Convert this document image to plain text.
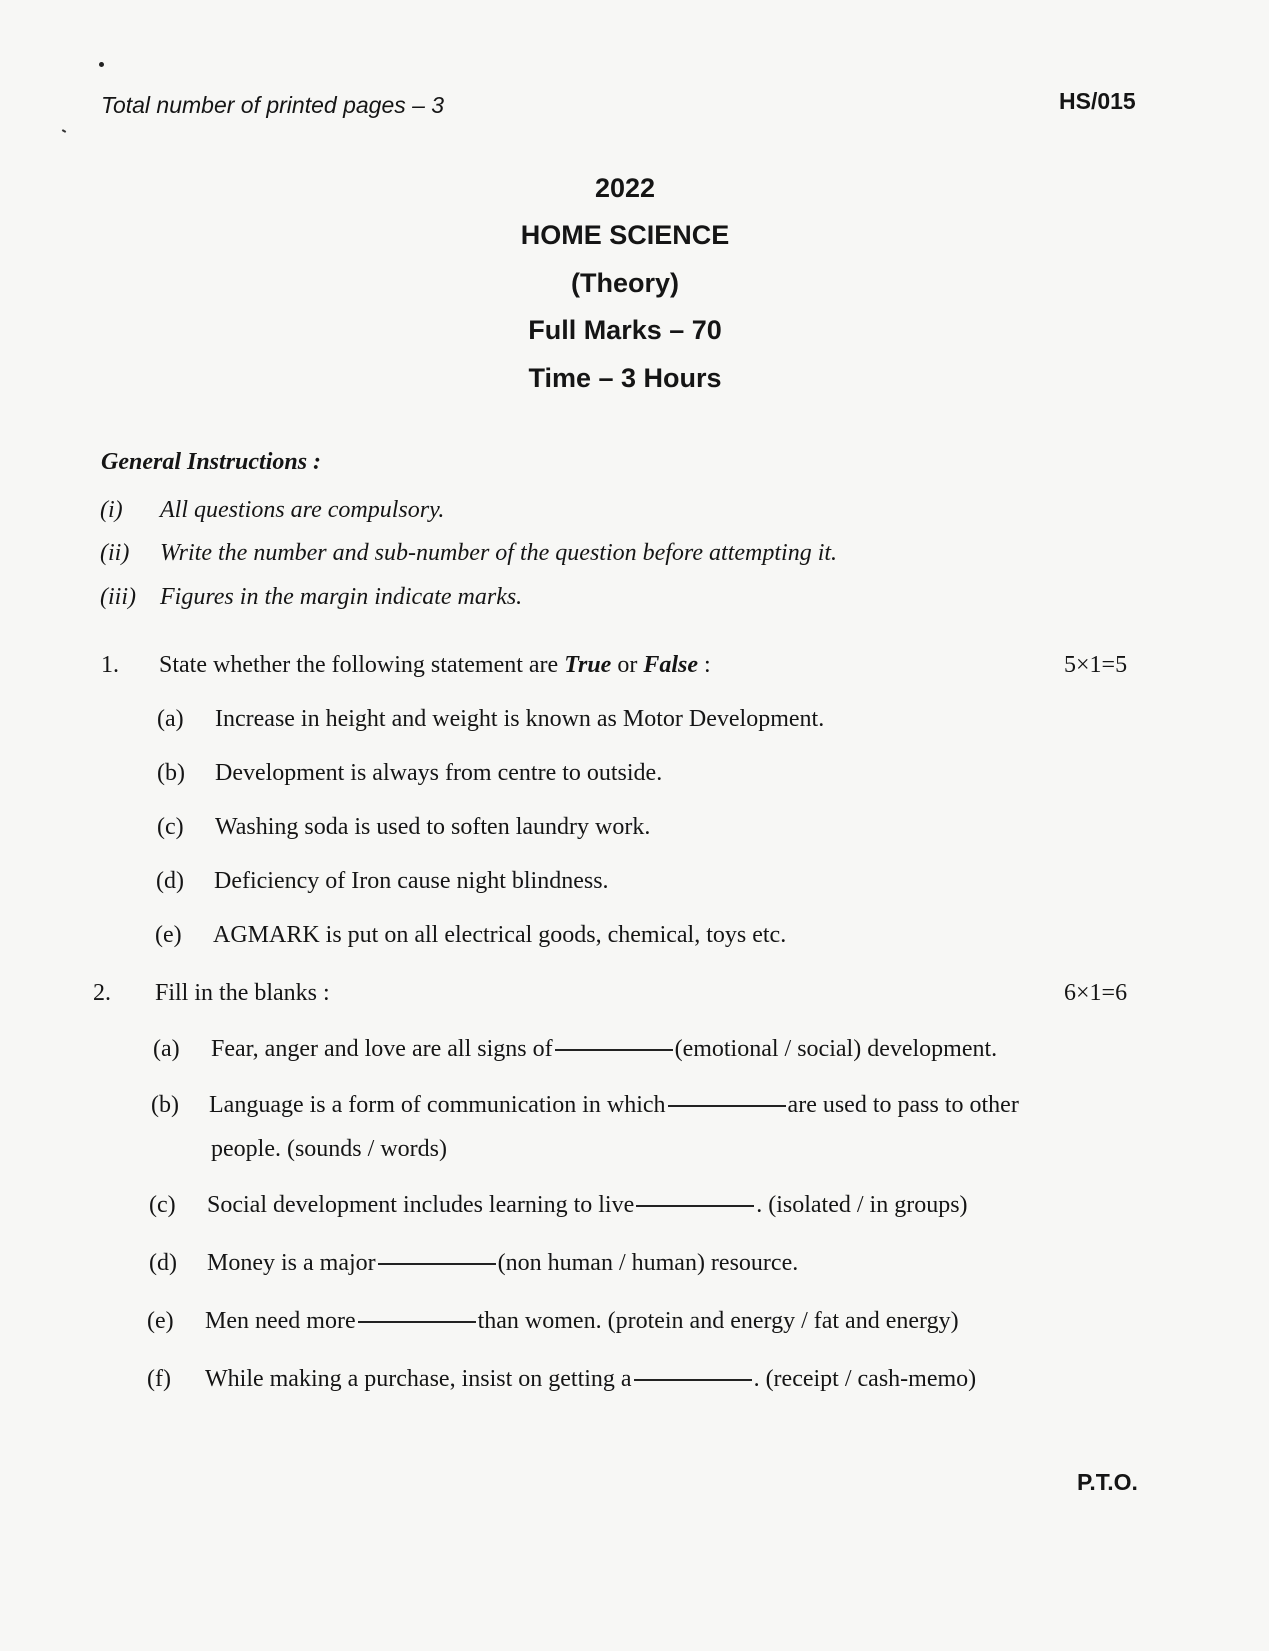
Total number of printed pages – 3	HS/015
2022
HOME SCIENCE
(Theory)
Full Marks – 70
Time – 3 Hours
General Instructions :
(i) All questions are compulsory.
(ii) Write the number and sub-number of the question before attempting it.
(iii) Figures in the margin indicate marks.
1. State whether the following statement are True or False :	5×1=5
(a) Increase in height and weight is known as Motor Development.
(b) Development is always from centre to outside.
(c) Washing soda is used to soften laundry work.
(d) Deficiency of Iron cause night blindness.
(e) AGMARK is put on all electrical goods, chemical, toys etc.
2. Fill in the blanks :	6×1=6
(a) Fear, anger and love are all signs of	(emotional / social) development.
(b) Language is a form of communication in which	are used to pass to other
people. (sounds / words)
(c) Social development includes learning to live	. (isolated / in groups)
(d) Money is a major	(non human / human) resource.
(e) Men need more	than women. (protein and energy / fat and energy)
(f) While making a purchase, insist on getting a	. (receipt / cash-memo)
P.T.O.
